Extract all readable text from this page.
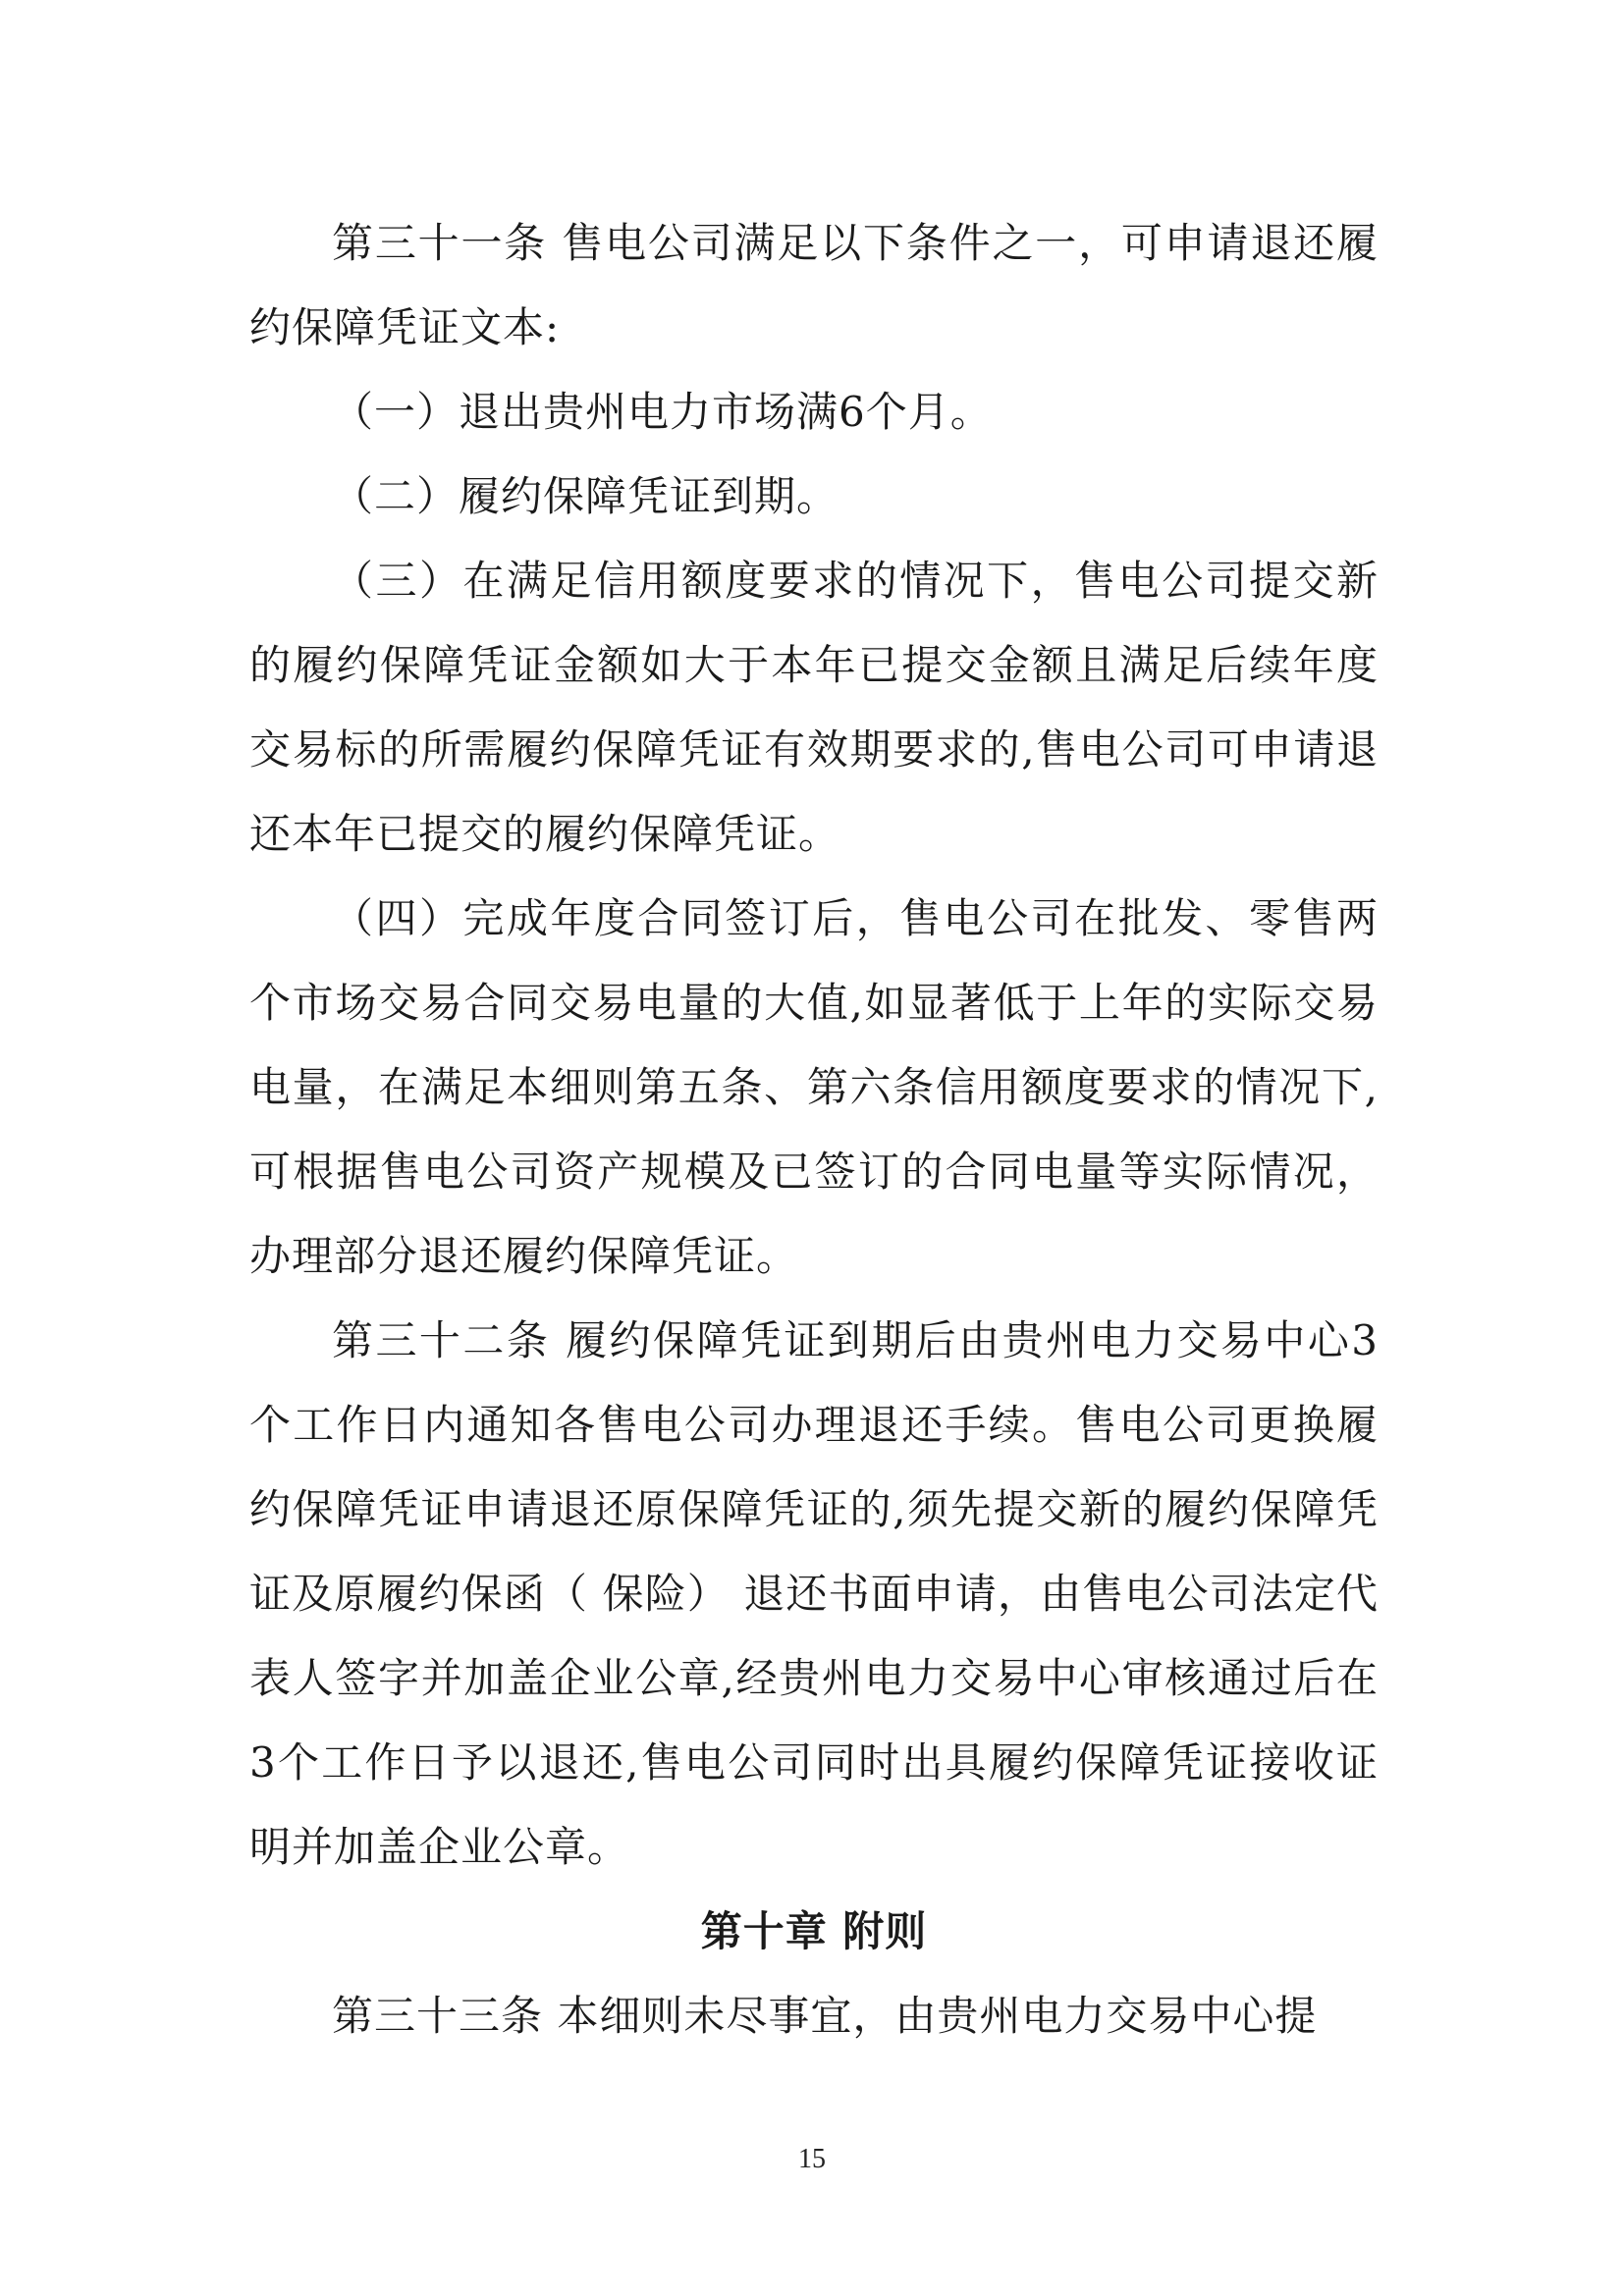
第三十一条 售电公司满足以下条件之一，可申请退还履约保障凭证文本:

（一）退出贵州电力市场满6个月。

（二）履约保障凭证到期。

（三）在满足信用额度要求的情况下，售电公司提交新的履约保障凭证金额如大于本年已提交金额且满足后续年度交易标的所需履约保障凭证有效期要求的,售电公司可申请退还本年已提交的履约保障凭证。

（四）完成年度合同签订后，售电公司在批发、零售两个市场交易合同交易电量的大值,如显著低于上年的实际交易电量，在满足本细则第五条、第六条信用额度要求的情况下,可根据售电公司资产规模及已签订的合同电量等实际情况，办理部分退还履约保障凭证。

第三十二条 履约保障凭证到期后由贵州电力交易中心3个工作日内通知各售电公司办理退还手续。售电公司更换履约保障凭证申请退还原保障凭证的,须先提交新的履约保障凭证及原履约保函（ 保险） 退还书面申请，由售电公司法定代表人签字并加盖企业公章,经贵州电力交易中心审核通过后在 3个工作日予以退还,售电公司同时出具履约保障凭证接收证明并加盖企业公章。

第十章 附则

第三十三条 本细则未尽事宜，由贵州电力交易中心提

15
